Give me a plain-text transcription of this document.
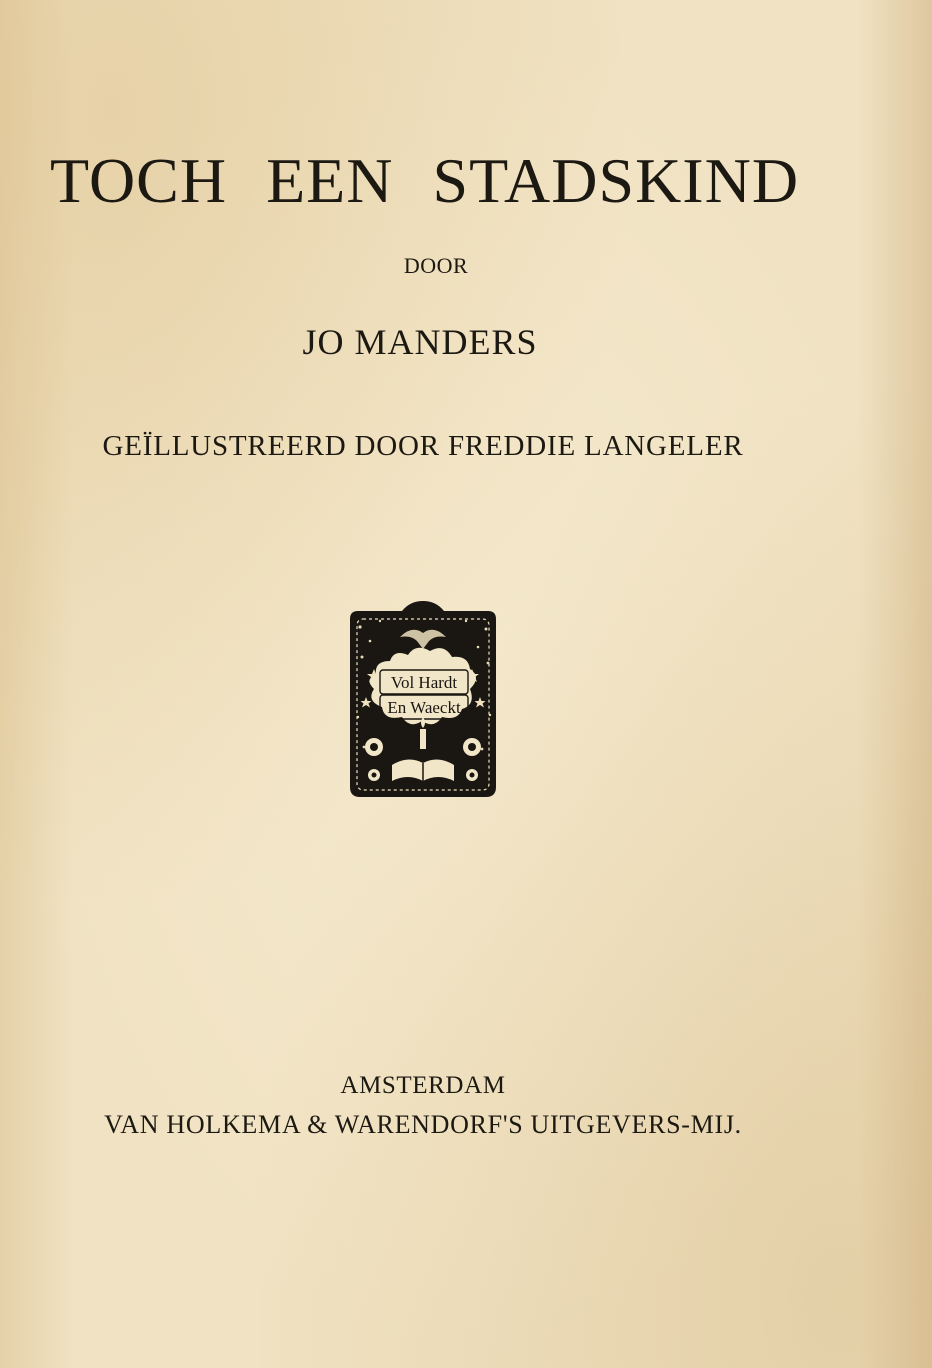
TOCH EEN STADSKIND
DOOR
JO MANDERS
GEÏLLUSTREERD DOOR FREDDIE LANGELER
Vol Hardt
En Waeckt
AMSTERDAM
VAN HOLKEMA & WARENDORF'S UITGEVERS-MIJ.
